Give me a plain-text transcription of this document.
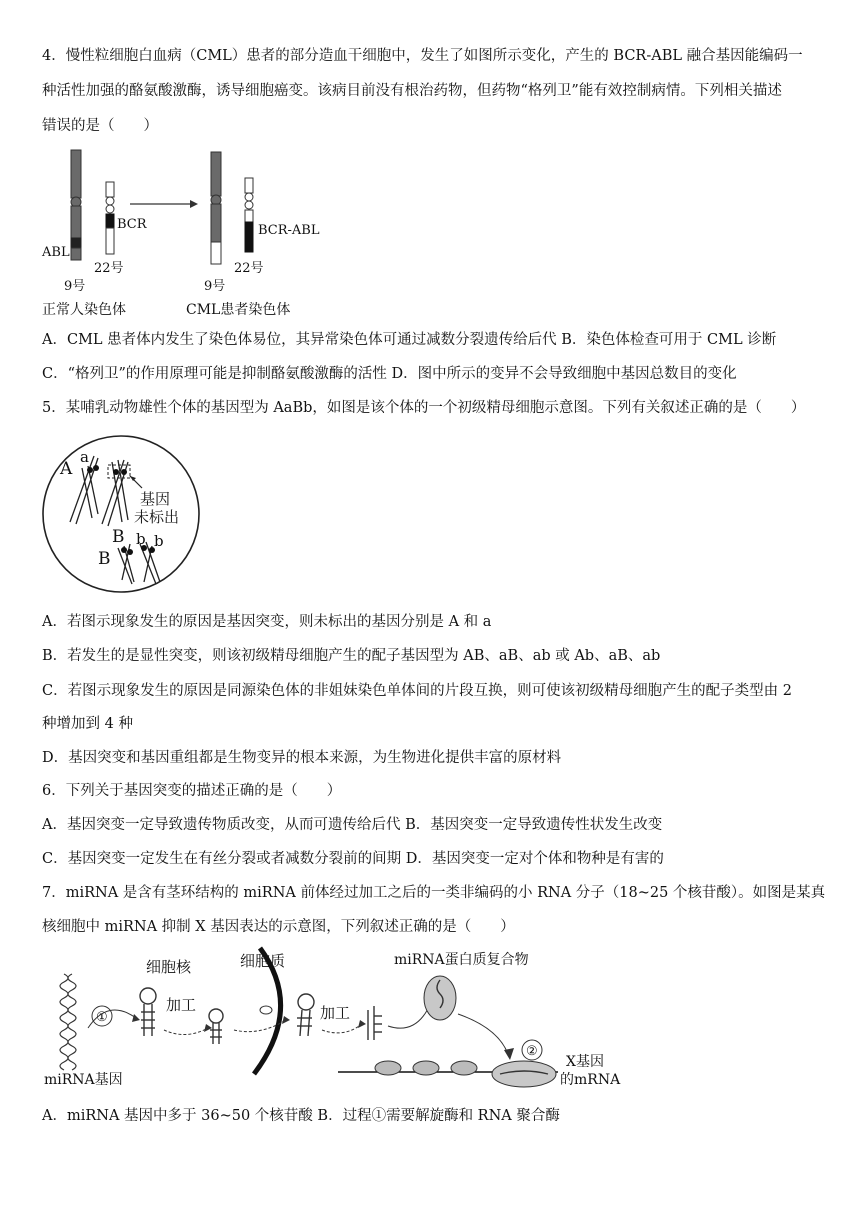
4．慢性粒细胞白血病（CML）患者的部分造血干细胞中，发生了如图所示变化，产生的 BCR-ABL 融合基因能编码一
种活性加强的酪氨酸激酶，诱导细胞癌变。该病目前没有根治药物，但药物“格列卫”能有效控制病情。下列相关描述
错误的是（　　）
BCR
ABL
22号
9号
正常人染色体
BCR-ABL
22号
9号
CML患者染色体
A．CML 患者体内发生了染色体易位，其异常染色体可通过减数分裂遗传给后代 B．染色体检查可用于 CML 诊断
C．“格列卫”的作用原理可能是抑制酪氨酸激酶的活性 D．图中所示的变异不会导致细胞中基因总数目的变化
5．某哺乳动物雄性个体的基因型为 AaBb，如图是该个体的一个初级精母细胞示意图。下列有关叙述正确的是（　　）
A
a
基因
未标出
B b b
B
A．若图示现象发生的原因是基因突变，则未标出的基因分别是 A 和 a
B．若发生的是显性突变，则该初级精母细胞产生的配子基因型为 AB、aB、ab 或 Ab、aB、ab
C．若图示现象发生的原因是同源染色体的非姐妹染色单体间的片段互换，则可使该初级精母细胞产生的配子类型由 2
种增加到 4 种
D．基因突变和基因重组都是生物变异的根本来源，为生物进化提供丰富的原材料
6．下列关于基因突变的描述正确的是（　　）
A．基因突变一定导致遗传物质改变，从而可遗传给后代 B．基因突变一定导致遗传性状发生改变
C．基因突变一定发生在有丝分裂或者减数分裂前的间期 D．基因突变一定对个体和物种是有害的
7．miRNA 是含有茎环结构的 miRNA 前体经过加工之后的一类非编码的小 RNA 分子（18~25 个核苷酸）。如图是某真
核细胞中 miRNA 抑制 X 基因表达的示意图，下列叙述正确的是（　　）
miRNA基因
①
细胞核
加工
细胞质
加工
miRNA蛋白质复合物
②
X基因
的mRNA
A．miRNA 基因中多于 36~50 个核苷酸 B．过程①需要解旋酶和 RNA 聚合酶
